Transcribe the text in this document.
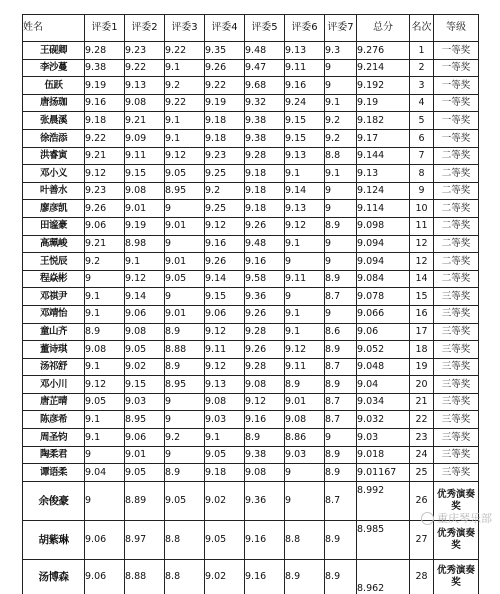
姓名	评委1	评委2	评委3	评委4	评委5	评委6	评委7	总分	名次	等级
王砚卿	9.28	9.23	9.22	9.35	9.48	9.13	9.3	9.276	1	一等奖
李沙蔓	9.38	9.22	9.1	9.26	9.47	9.11	9	9.214	2	一等奖
伍跃	9.19	9.13	9.2	9.22	9.68	9.16	9	9.192	3	一等奖
唐扬珈	9.16	9.08	9.22	9.19	9.32	9.24	9.1	9.19	4	一等奖
张晨溪	9.18	9.21	9.1	9.18	9.38	9.15	9.2	9.182	5	一等奖
徐浩添	9.22	9.09	9.1	9.18	9.38	9.15	9.2	9.17	6	一等奖
洪睿寅	9.21	9.11	9.12	9.23	9.28	9.13	8.8	9.144	7	二等奖
邓小义	9.12	9.15	9.05	9.25	9.18	9.1	9.1	9.13	8	二等奖
叶善水	9.23	9.08	8.95	9.2	9.18	9.14	9	9.124	9	二等奖
廖彦凯	9.26	9.01	9	9.25	9.18	9.13	9	9.114	10	二等奖
田谧豪	9.06	9.19	9.01	9.12	9.26	9.12	8.9	9.098	11	二等奖
高珮峻	9.21	8.98	9	9.16	9.48	9.1	9	9.094	12	二等奖
王悦辰	9.2	9.1	9.01	9.26	9.16	9	9	9.094	12	二等奖
程焱彬	9	9.12	9.05	9.14	9.58	9.11	8.9	9.084	14	二等奖
邓祺尹	9.1	9.14	9	9.15	9.36	9	8.7	9.078	15	三等奖
邓靖怡	9.1	9.06	9.01	9.06	9.26	9.1	9	9.066	16	三等奖
童山齐	8.9	9.08	8.9	9.12	9.28	9.1	8.6	9.06	17	三等奖
董诗琪	9.08	9.05	8.88	9.11	9.26	9.12	8.9	9.052	18	三等奖
汤祁舒	9.1	9.02	8.9	9.12	9.28	9.11	8.7	9.048	19	三等奖
邓小川	9.12	9.15	8.95	9.13	9.08	8.9	8.9	9.04	20	三等奖
唐芷晴	9.05	9.03	9	9.08	9.12	9.01	8.7	9.034	21	三等奖
陈彦希	9.1	8.95	9	9.03	9.16	9.08	8.7	9.032	22	三等奖
周圣钧	9.1	9.06	9.2	9.1	8.9	8.86	9	9.03	23	三等奖
陶柔君	9	9.01	9	9.05	9.38	9.03	8.9	9.018	24	三等奖
谭语柔	9.04	9.05	8.9	9.18	9.08	9	8.9	9.01167	25	三等奖
余俊豪	9	8.89	9.05	9.02	9.36	9	8.7	8.992	26	优秀演奏奖
胡紫琳	9.06	8.97	8.8	9.05	9.16	8.8	8.9	8.985	27	优秀演奏奖
汤博森	9.06	8.88	8.8	9.02	9.16	8.9	8.9	8.962	28	优秀演奏奖
重庆琴乐部
